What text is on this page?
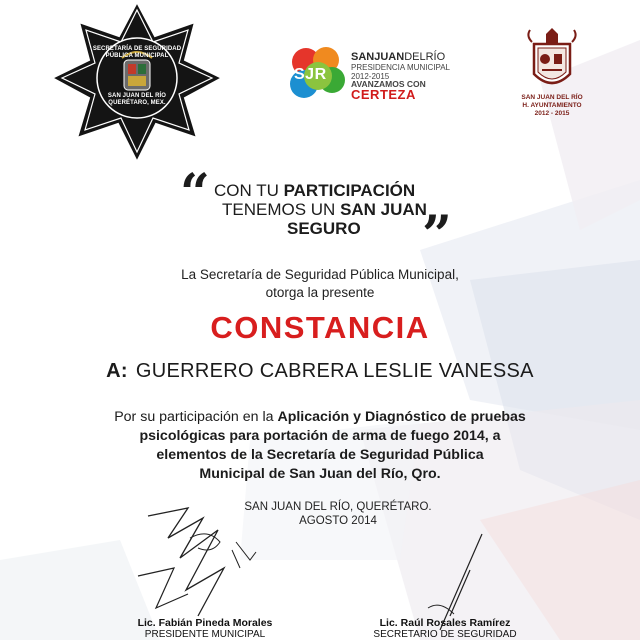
SECRETARÍA DE SEGURIDAD
PÚBLICA MUNICIPAL
SAN JUAN DEL RÍO
QUERÉTARO, MEX.
SJR
SANJUANDELRÍO
PRESIDENCIA MUNICIPAL
2012-2015
AVANZAMOS CON
CERTEZA	SAN JUAN DEL RÍO
H. AYUNTAMIENTO
2012 - 2015
“ CON TU PARTICIPACIÓN
TENEMOS UN SAN JUAN
SEGURO ”
La Secretaría de Seguridad Pública Municipal,
otorga la presente
CONSTANCIA
A: GUERRERO CABRERA LESLIE VANESSA
Por su participación en la Aplicación y Diagnóstico de pruebas
psicológicas para portación de arma de fuego 2014, a
elementos de la Secretaría de Seguridad Pública
Municipal de San Juan del Río, Qro.
SAN JUAN DEL RÍO, QUERÉTARO.
AGOSTO 2014
Lic. Fabián Pineda Morales
PRESIDENTE MUNICIPAL
Lic. Raúl Rosales Ramírez
SECRETARIO DE SEGURIDAD
